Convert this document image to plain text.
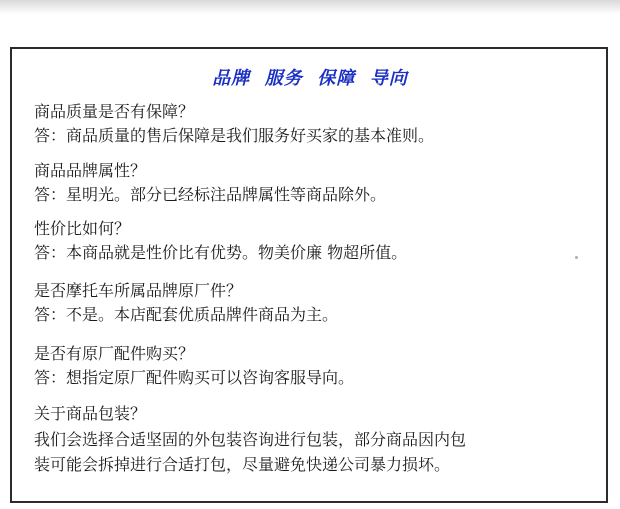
品牌  服务  保障  导向
商品质量是否有保障？
答：商品质量的售后保障是我们服务好买家的基本准则。
商品品牌属性？
答：星明光。部分已经标注品牌属性等商品除外。
性价比如何？
答：本商品就是性价比有优势。物美价廉 物超所值。
是否摩托车所属品牌原厂件？
答：不是。本店配套优质品牌件商品为主。
是否有原厂配件购买？
答：想指定原厂配件购买可以咨询客服导向。
关于商品包装？
我们会选择合适坚固的外包装咨询进行包装，部分商品因内包
装可能会拆掉进行合适打包，尽量避免快递公司暴力损坏。
